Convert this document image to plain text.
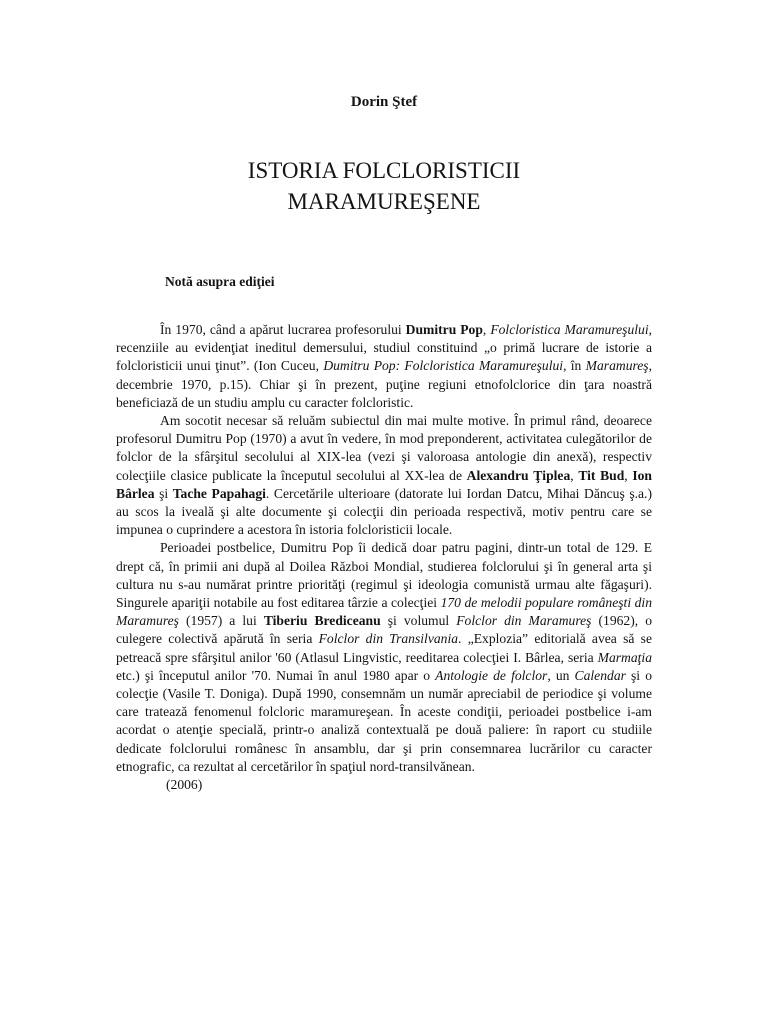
Dorin Ştef
ISTORIA FOLCLORISTICII
MARAMUREŞENE
Notă asupra ediţiei

În 1970, când a apărut lucrarea profesorului Dumitru Pop, Folcloristica Maramureşului, recenziile au evidenţiat ineditul demersului, studiul constituind „o primă lucrare de istorie a folcloristicii unui ţinut”. (Ion Cuceu, Dumitru Pop: Folcloristica Maramureşului, în Maramureş, decembrie 1970, p.15). Chiar şi în prezent, puţine regiuni etnofolclorice din ţara noastră beneficiază de un studiu amplu cu caracter folcloristic.

Am socotit necesar să reluăm subiectul din mai multe motive. În primul rând, deoarece profesorul Dumitru Pop (1970) a avut în vedere, în mod preponderent, activitatea culegătorilor de folclor de la sfârşitul secolului al XIX-lea (vezi şi valoroasa antologie din anexă), respectiv colecţiile clasice publicate la începutul secolului al XX-lea de Alexandru Ţiplea, Tit Bud, Ion Bârlea şi Tache Papahagi. Cercetările ulterioare (datorate lui Iordan Datcu, Mihai Dăncuş ş.a.) au scos la iveală şi alte documente şi colecţii din perioada respectivă, motiv pentru care se impunea o cuprindere a acestora în istoria folcloristicii locale.

Perioadei postbelice, Dumitru Pop îi dedică doar patru pagini, dintr-un total de 129. E drept că, în primii ani după al Doilea Război Mondial, studierea folclorului şi în general arta şi cultura nu s-au numărat printre priorităţi (regimul şi ideologia comunistă urmau alte făgaşuri). Singurele apariţii notabile au fost editarea târzie a colecţiei 170 de melodii populare româneşti din Maramureş (1957) a lui Tiberiu Brediceanu şi volumul Folclor din Maramureş (1962), o culegere colectivă apărută în seria Folclor din Transilvania. „Explozia” editorială avea să se petreacă spre sfârşitul anilor '60 (Atlasul Lingvistic, reeditarea colecţiei I. Bârlea, seria Marmaţia etc.) şi începutul anilor '70. Numai în anul 1980 apar o Antologie de folclor, un Calendar şi o colecţie (Vasile T. Doniga). După 1990, consemnăm un număr apreciabil de periodice şi volume care tratează fenomenul folcloric maramureşean. În aceste condiţii, perioadei postbelice i-am acordat o atenţie specială, printr-o analiză contextuală pe două paliere: în raport cu studiile dedicate folclorului românesc în ansamblu, dar şi prin consemnarea lucrărilor cu caracter etnografic, ca rezultat al cercetărilor în spaţiul nord-transilvănean.

(2006)
